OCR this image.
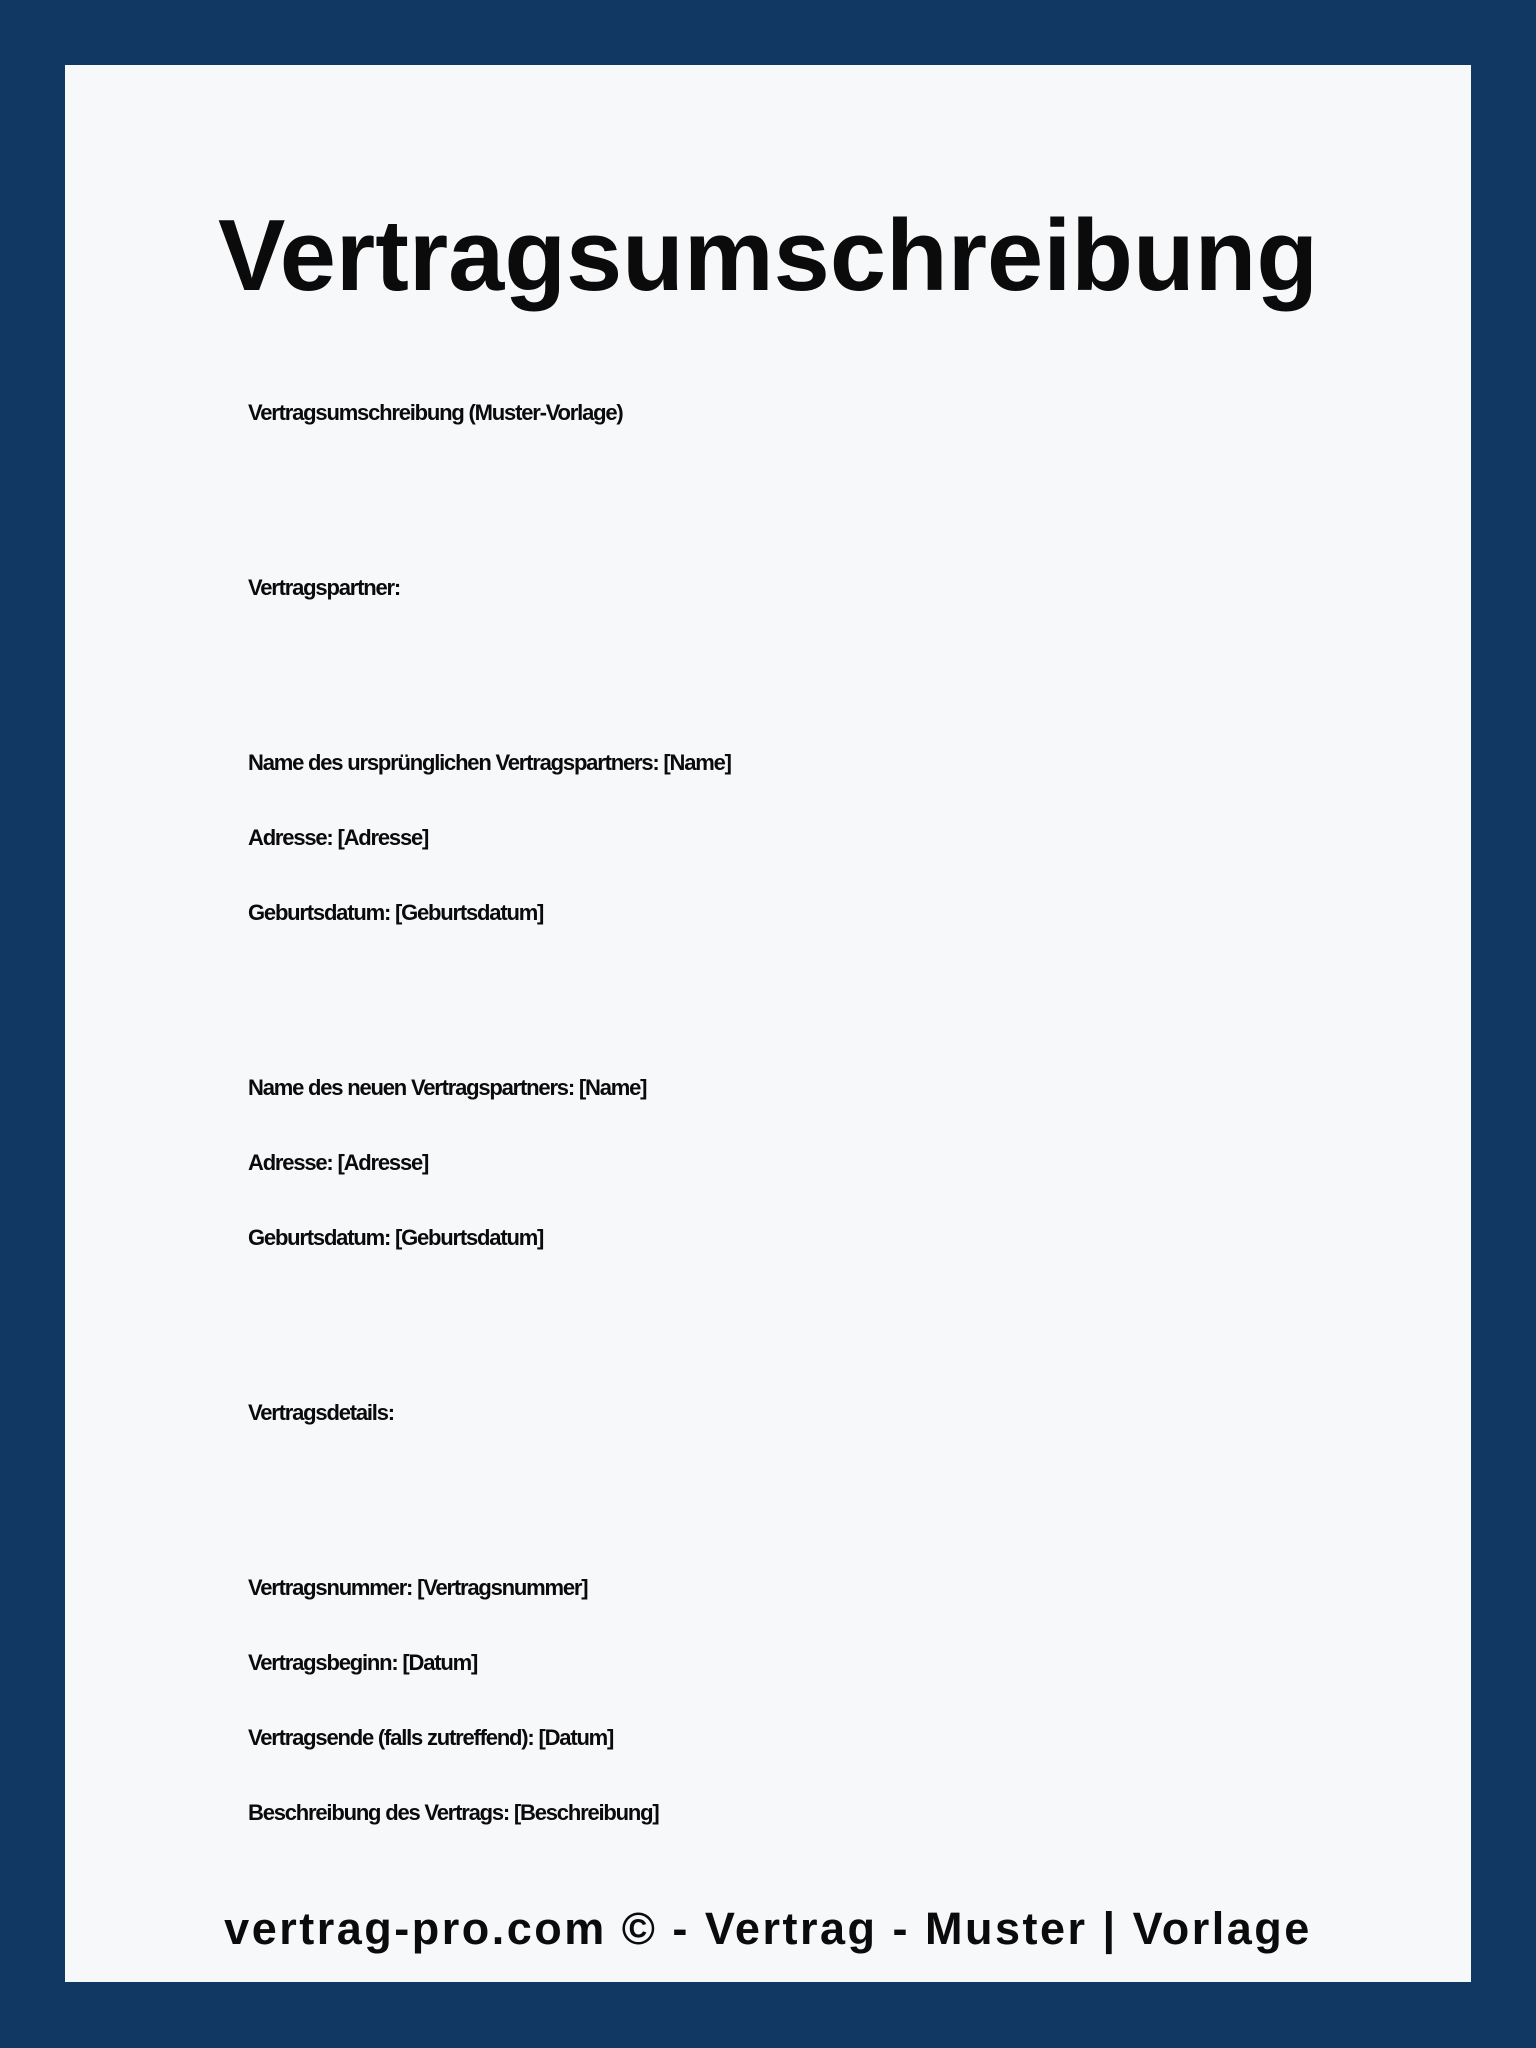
Vertragsumschreibung
Vertragsumschreibung (Muster-Vorlage)
Vertragspartner:
Name des ursprünglichen Vertragspartners: [Name]
Adresse: [Adresse]
Geburtsdatum: [Geburtsdatum]
Name des neuen Vertragspartners: [Name]
Adresse: [Adresse]
Geburtsdatum: [Geburtsdatum]
Vertragsdetails:
Vertragsnummer: [Vertragsnummer]
Vertragsbeginn: [Datum]
Vertragsende (falls zutreffend): [Datum]
Beschreibung des Vertrags: [Beschreibung]
vertrag-pro.com © - Vertrag - Muster | Vorlage
